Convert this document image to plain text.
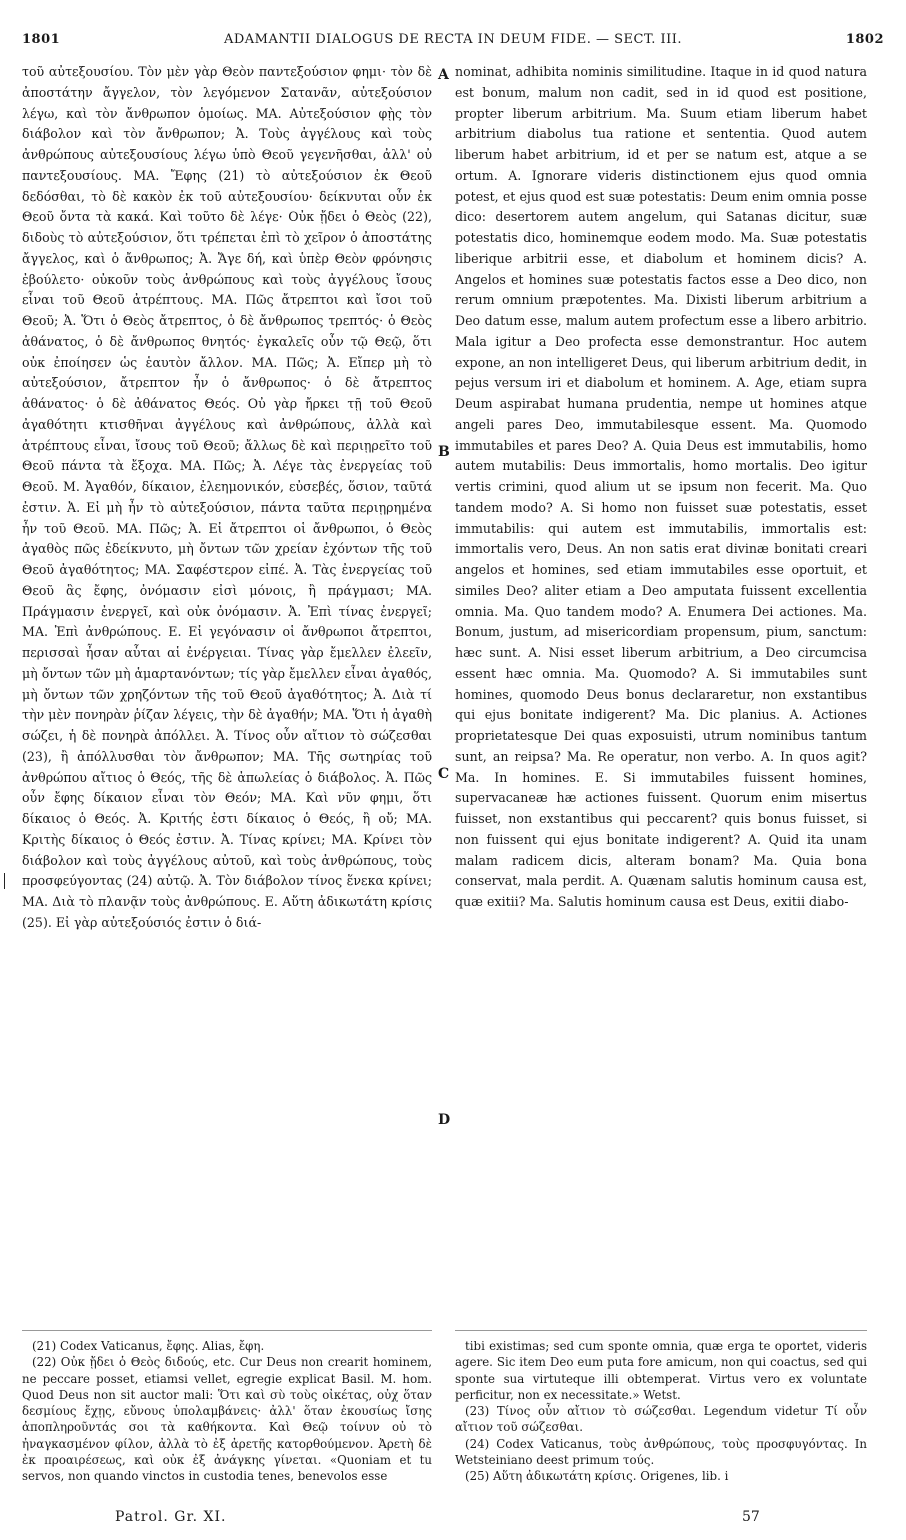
1801	ADAMANTII DIALOGUS DE RECTA IN DEUM FIDE. — SECT. III.	1802

τοῦ αὐτεξουσίου. Τὸν μὲν γὰρ Θεὸν παντεξούσιον φημι· τὸν δὲ ἀποστάτην ἄγγελον, τὸν λεγόμενον Σατανᾶν, αὐτεξούσιον λέγω, καὶ τὸν ἄνθρωπον ὁμοίως. ΜΑ. Αὐτεξούσιον φῂς τὸν διάβολον καὶ τὸν ἄνθρωπον; Ἀ. Τοὺς ἀγγέλους καὶ τοὺς ἀνθρώπους αὐτεξουσίους λέγω ὑπὸ Θεοῦ γεγενῆσθαι, ἀλλ' οὐ παντεξουσίους. ΜΑ. Ἔφης (21) τὸ αὐτεξούσιον ἐκ Θεοῦ δεδόσθαι, τὸ δὲ κακὸν ἐκ τοῦ αὐτεξουσίου· δείκνυται οὖν ἐκ Θεοῦ ὄντα τὰ κακά. Καὶ τοῦτο δὲ λέγε· Οὐκ ᾔδει ὁ Θεὸς (22), διδοὺς τὸ αὐτεξούσιον, ὅτι τρέπεται ἐπὶ τὸ χεῖρον ὁ ἀποστάτης ἄγγελος, καὶ ὁ ἄνθρωπος; Ἀ. Ἄγε δή, καὶ ὑπὲρ Θεὸν φρόνησις ἐβούλετο· οὐκοῦν τοὺς ἀνθρώπους καὶ τοὺς ἀγγέλους ἴσους εἶναι τοῦ Θεοῦ ἀτρέπτους. ΜΑ. Πῶς ἄτρεπτοι καὶ ἴσοι τοῦ Θεοῦ; Ἀ. Ὅτι ὁ Θεὸς ἄτρεπτος, ὁ δὲ ἄνθρωπος τρεπτός· ὁ Θεὸς ἀθάνατος, ὁ δὲ ἄνθρωπος θνητός· ἐγκαλεῖς οὖν τῷ Θεῷ, ὅτι οὐκ ἐποίησεν ὡς ἑαυτὸν ἄλλον. ΜΑ. Πῶς; Ἀ. Εἴπερ μὴ τὸ αὐτεξούσιον, ἄτρεπτον ἦν ὁ ἄνθρωπος· ὁ δὲ ἄτρεπτος ἀθάνατος· ὁ δὲ ἀθάνατος Θεός. Οὐ γὰρ ἤρκει τῇ τοῦ Θεοῦ ἀγαθότητι κτισθῆναι ἀγγέλους καὶ ἀνθρώπους, ἀλλὰ καὶ ἀτρέπτους εἶναι, ἴσους τοῦ Θεοῦ; ἄλλως δὲ καὶ περιῃρεῖτο τοῦ Θεοῦ πάντα τὰ ἔξοχα. ΜΑ. Πῶς; Ἀ. Λέγε τὰς ἐνεργείας τοῦ Θεοῦ. Μ. Ἀγαθόν, δίκαιον, ἐλεημονικόν, εὐσεβές, ὅσιον, ταῦτά ἐστιν. Ἀ. Εἰ μὴ ἦν τὸ αὐτεξούσιον, πάντα ταῦτα περιῃρημένα ἦν τοῦ Θεοῦ. ΜΑ. Πῶς; Ἀ. Εἰ ἄτρεπτοι οἱ ἄνθρωποι, ὁ Θεὸς ἀγαθὸς πῶς ἐδείκνυτο, μὴ ὄντων τῶν χρείαν ἐχόντων τῆς τοῦ Θεοῦ ἀγαθότητος; ΜΑ. Σαφέστερον εἰπέ. Ἀ. Τὰς ἐνεργείας τοῦ Θεοῦ ἃς ἔφης, ὀνόμασιν εἰσὶ μόνοις, ἢ πράγμασι; ΜΑ. Πράγμασιν ἐνεργεῖ, καὶ οὐκ ὀνόμασιν. Ἀ. Ἐπὶ τίνας ἐνεργεῖ; ΜΑ. Ἐπὶ ἀνθρώπους. Ε. Εἰ γεγόνασιν οἱ ἄνθρωποι ἄτρεπτοι, περισσαὶ ἦσαν αὗται αἱ ἐνέργειαι. Τίνας γὰρ ἔμελλεν ἐλεεῖν, μὴ ὄντων τῶν μὴ ἁμαρτανόντων; τίς γὰρ ἔμελλεν εἶναι ἀγαθός, μὴ ὄντων τῶν χρηζόντων τῆς τοῦ Θεοῦ ἀγαθότητος; Ἀ. Διὰ τί τὴν μὲν πονηρὰν ῥίζαν λέγεις, τὴν δὲ ἀγαθήν; ΜΑ. Ὅτι ἡ ἀγαθὴ σώζει, ἡ δὲ πονηρὰ ἀπόλλει. Ἀ. Τίνος οὖν αἴτιον τὸ σώζεσθαι (23), ἢ ἀπόλλυσθαι τὸν ἄνθρωπον; ΜΑ. Τῆς σωτηρίας τοῦ ἀνθρώπου αἴτιος ὁ Θεός, τῆς δὲ ἀπωλείας ὁ διάβολος. Ἀ. Πῶς οὖν ἔφης δίκαιον εἶναι τὸν Θεόν; ΜΑ. Καὶ νῦν φημι, ὅτι δίκαιος ὁ Θεός. Ἀ. Κριτής ἐστι δίκαιος ὁ Θεός, ἢ οὔ; ΜΑ. Κριτὴς δίκαιος ὁ Θεός ἐστιν. Ἀ. Τίνας κρίνει; ΜΑ. Κρίνει τὸν διάβολον καὶ τοὺς ἀγγέλους αὐτοῦ, καὶ τοὺς ἀνθρώπους, τοὺς προσφεύγοντας (24) αὐτῷ. Ἀ. Τὸν διάβολον τίνος ἕνεκα κρίνει; ΜΑ. Διὰ τὸ πλανᾷν τοὺς ἀνθρώπους. Ε. Αὕτη ἀδικωτάτη κρίσις (25). Εἰ γὰρ αὐτεξούσιός ἐστιν ὁ διά-

A
B
C
D

nominat, adhibita nominis similitudine. Itaque in id quod natura est bonum, malum non cadit, sed in id quod est positione, propter liberum arbitrium. Ma. Suum etiam liberum habet arbitrium diabolus tua ratione et sententia. Quod autem liberum habet arbitrium, id et per se natum est, atque a se ortum. A. Ignorare videris distinctionem ejus quod omnia potest, et ejus quod est suæ potestatis: Deum enim omnia posse dico: desertorem autem angelum, qui Satanas dicitur, suæ potestatis dico, hominemque eodem modo. Ma. Suæ potestatis liberique arbitrii esse, et diabolum et hominem dicis? A. Angelos et homines suæ potestatis factos esse a Deo dico, non rerum omnium præpotentes. Ma. Dixisti liberum arbitrium a Deo datum esse, malum autem profectum esse a libero arbitrio. Mala igitur a Deo profecta esse demonstrantur. Hoc autem expone, an non intelligeret Deus, qui liberum arbitrium dedit, in pejus versum iri et diabolum et hominem. A. Age, etiam supra Deum aspirabat humana prudentia, nempe ut homines atque angeli pares Deo, immutabilesque essent. Ma. Quomodo immutabiles et pares Deo? A. Quia Deus est immutabilis, homo autem mutabilis: Deus immortalis, homo mortalis. Deo igitur vertis crimini, quod alium ut se ipsum non fecerit. Ma. Quo tandem modo? A. Si homo non fuisset suæ potestatis, esset immutabilis: qui autem est immutabilis, immortalis est: immortalis vero, Deus. An non satis erat divinæ bonitati creari angelos et homines, sed etiam immutabiles esse oportuit, et similes Deo? aliter etiam a Deo amputata fuissent excellentia omnia. Ma. Quo tandem modo? A. Enumera Dei actiones. Ma. Bonum, justum, ad misericordiam propensum, pium, sanctum: hæc sunt. A. Nisi esset liberum arbitrium, a Deo circumcisa essent hæc omnia. Ma. Quomodo? A. Si immutabiles sunt homines, quomodo Deus bonus declararetur, non exstantibus qui ejus bonitate indigerent? Ma. Dic planius. A. Actiones proprietatesque Dei quas exposuisti, utrum nominibus tantum sunt, an reipsa? Ma. Re operatur, non verbo. A. In quos agit? Ma. In homines. E. Si immutabiles fuissent homines, supervacaneæ hæ actiones fuissent. Quorum enim misertus fuisset, non exstantibus qui peccarent? quis bonus fuisset, si non fuissent qui ejus bonitate indigerent? A. Quid ita unam malam radicem dicis, alteram bonam? Ma. Quia bona conservat, mala perdit. A. Quænam salutis hominum causa est, quæ exitii? Ma. Salutis hominum causa est Deus, exitii diabo-

(21) Codex Vaticanus, ἔφης. Alias, ἔφη.

(22) Οὐκ ᾔδει ὁ Θεὸς διδούς, etc. Cur Deus non crearit hominem, ne peccare posset, etiamsi vellet, egregie explicat Basil. M. hom. Quod Deus non sit auctor mali: Ὅτι καὶ σὺ τοὺς οἰκέτας, οὐχ ὅταν δεσμίους ἔχῃς, εὔνους ὑπολαμβάνεις· ἀλλ' ὅταν ἐκουσίως ἴσης ἀποπληροῦντάς σοι τὰ καθήκοντα. Καὶ Θεῷ τοίνυν οὐ τὸ ἠναγκασμένον φίλον, ἀλλὰ τὸ ἐξ ἀρετῆς κατορθούμενον. Ἀρετὴ δὲ ἐκ προαιρέσεως, καὶ οὐκ ἐξ ἀνάγκης γίνεται. «Quoniam et tu servos, non quando vinctos in custodia tenes, benevolos esse

tibi existimas; sed cum sponte omnia, quæ erga te oportet, videris agere. Sic item Deo eum puta fore amicum, non qui coactus, sed qui sponte sua virtuteque illi obtemperat. Virtus vero ex voluntate perficitur, non ex necessitate.» Wetst.

(23) Τίνος οὖν αἴτιον τὸ σώζεσθαι. Legendum videtur Τί οὖν αἴτιον τοῦ σώζεσθαι.

(24) Codex Vaticanus, τοὺς ἀνθρώπους, τοὺς προσφυγόντας. In Wetsteiniano deest primum τούς.

(25) Αὕτη ἀδικωτάτη κρίσις. Origenes, lib. i

Patrol. Gr. XI.	57
